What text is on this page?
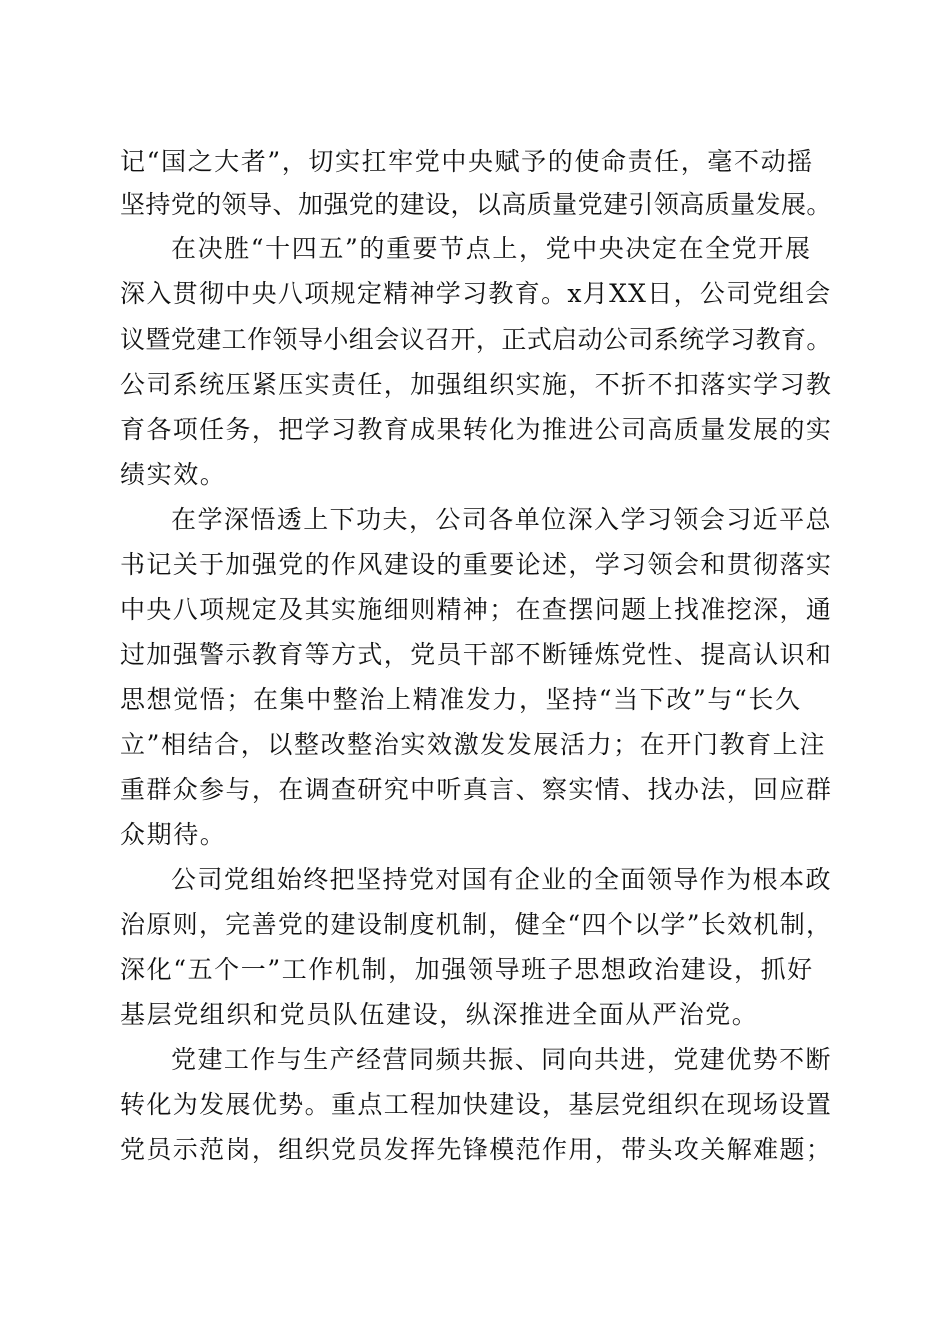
记“国之大者”，切实扛牢党中央赋予的使命责任，毫不动摇

坚持党的领导、加强党的建设，以高质量党建引领高质量发展。

在决胜“十四五”的重要节点上，党中央决定在全党开展

深入贯彻中央八项规定精神学习教育。x月XX日，公司党组会

议暨党建工作领导小组会议召开，正式启动公司系统学习教育。

公司系统压紧压实责任，加强组织实施，不折不扣落实学习教

育各项任务，把学习教育成果转化为推进公司高质量发展的实

绩实效。

在学深悟透上下功夫，公司各单位深入学习领会习近平总

书记关于加强党的作风建设的重要论述，学习领会和贯彻落实

中央八项规定及其实施细则精神；在查摆问题上找准挖深，通

过加强警示教育等方式，党员干部不断锤炼党性、提高认识和

思想觉悟；在集中整治上精准发力，坚持“当下改”与“长久

立”相结合，以整改整治实效激发发展活力；在开门教育上注

重群众参与，在调查研究中听真言、察实情、找办法，回应群

众期待。

公司党组始终把坚持党对国有企业的全面领导作为根本政

治原则，完善党的建设制度机制，健全“四个以学”长效机制，

深化“五个一”工作机制，加强领导班子思想政治建设，抓好

基层党组织和党员队伍建设，纵深推进全面从严治党。

党建工作与生产经营同频共振、同向共进，党建优势不断

转化为发展优势。重点工程加快建设，基层党组织在现场设置

党员示范岗，组织党员发挥先锋模范作用，带头攻关解难题；
